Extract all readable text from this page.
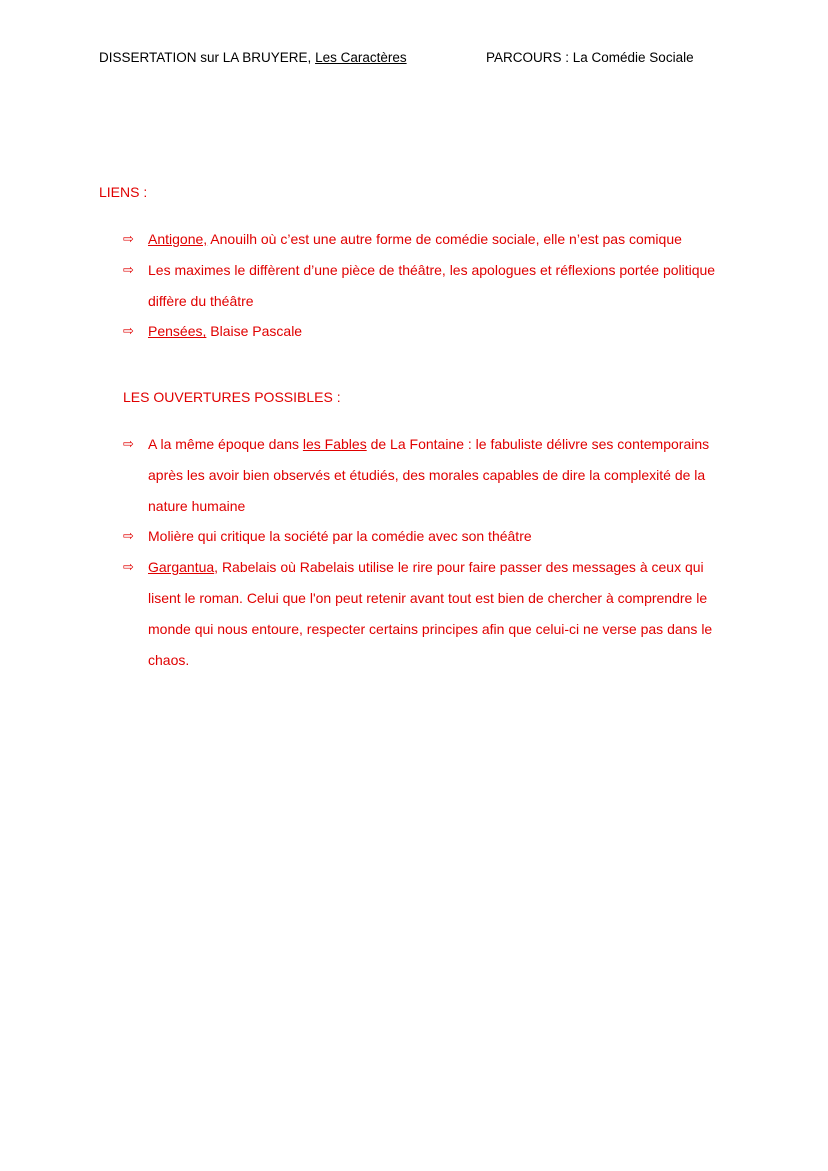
DISSERTATION sur LA BRUYERE, Les Caractères	PARCOURS : La Comédie Sociale
LIENS :
⇨ Antigone, Anouilh où c’est une autre forme de comédie sociale, elle n’est pas comique
⇨ Les maximes le diffèrent d’une pièce de théâtre, les apologues et réflexions portée politique diffère du théâtre
⇨ Pensées, Blaise Pascale
LES OUVERTURES POSSIBLES :
⇨ A la même époque dans les Fables de La Fontaine : le fabuliste délivre ses contemporains après les avoir bien observés et étudiés, des morales capables de dire la complexité de la nature humaine
⇨ Molière qui critique la société par la comédie avec son théâtre
⇨ Gargantua, Rabelais où Rabelais utilise le rire pour faire passer des messages à ceux qui lisent le roman. Celui que l'on peut retenir avant tout est bien de chercher à comprendre le monde qui nous entoure, respecter certains principes afin que celui-ci ne verse pas dans le chaos.
